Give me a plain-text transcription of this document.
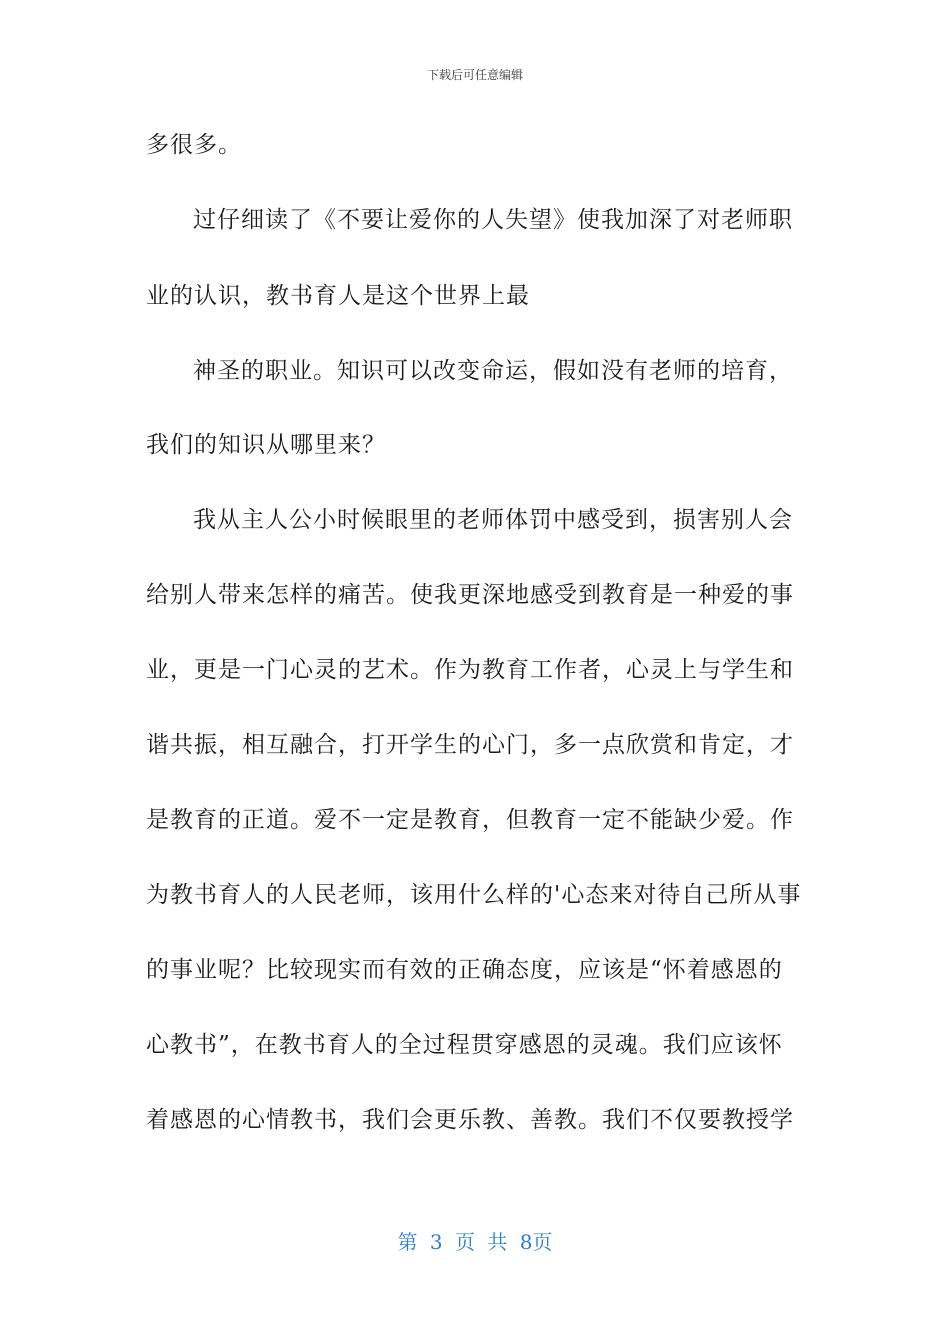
下载后可任意编辑
多很多。
过仔细读了《不要让爱你的人失望》使我加深了对老师职
业的认识，教书育人是这个世界上最
神圣的职业。知识可以改变命运，假如没有老师的培育，
我们的知识从哪里来？
我从主人公小时候眼里的老师体罚中感受到，损害别人会
给别人带来怎样的痛苦。使我更深地感受到教育是一种爱的事
业，更是一门心灵的艺术。作为教育工作者，心灵上与学生和
谐共振，相互融合，打开学生的心门，多一点欣赏和肯定，才
是教育的正道。爱不一定是教育，但教育一定不能缺少爱。作
为教书育人的人民老师，该用什么样的'心态来对待自己所从事
的事业呢？比较现实而有效的正确态度，应该是“怀着感恩的
心教书”，在教书育人的全过程贯穿感恩的灵魂。我们应该怀
着感恩的心情教书，我们会更乐教、善教。我们不仅要教授学
第 3 页 共 8页
